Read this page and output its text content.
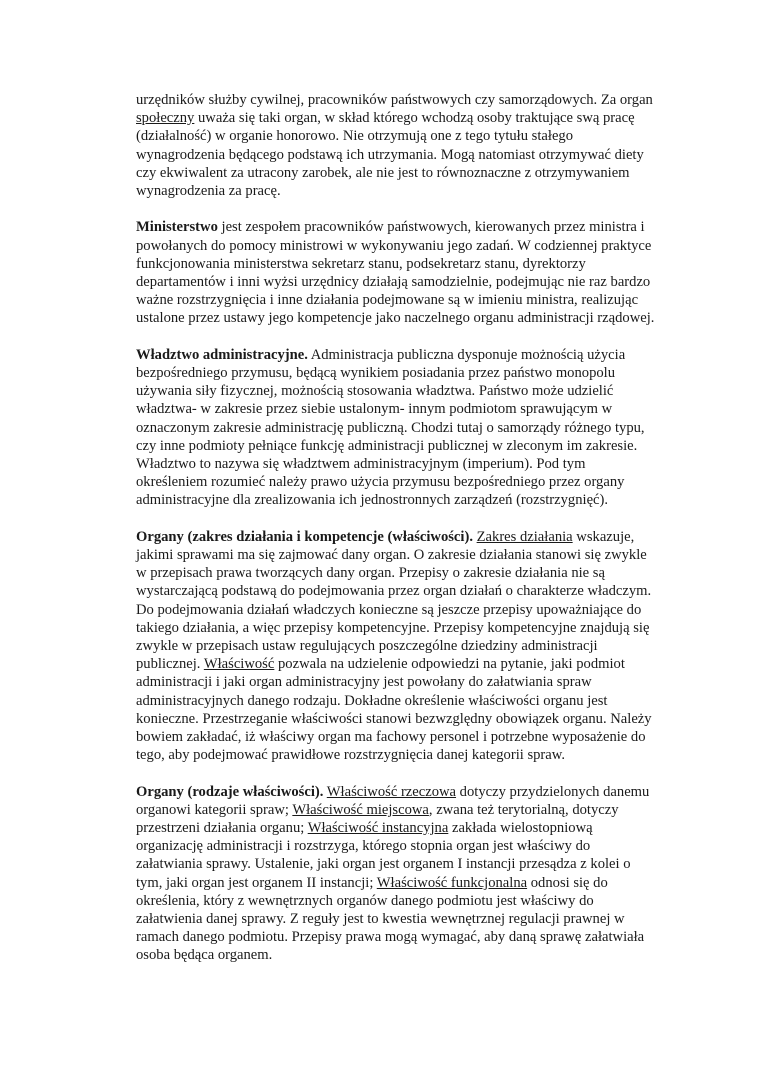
urzędników służby cywilnej, pracowników państwowych czy samorządowych. Za organ społeczny uważa się taki organ, w skład którego wchodzą osoby traktujące swą pracę (działalność) w organie honorowo. Nie otrzymują one z tego tytułu stałego wynagrodzenia będącego podstawą ich utrzymania. Mogą natomiast otrzymywać diety czy ekwiwalent za utracony zarobek, ale nie jest to równoznaczne z otrzymywaniem wynagrodzenia za pracę.

Ministerstwo jest zespołem pracowników państwowych, kierowanych przez ministra i powołanych do pomocy ministrowi w wykonywaniu jego zadań. W codziennej praktyce funkcjonowania ministerstwa sekretarz stanu, podsekretarz stanu, dyrektorzy departamentów i inni wyżsi urzędnicy działają samodzielnie, podejmując nie raz bardzo ważne rozstrzygnięcia i inne działania podejmowane są w imieniu ministra, realizując ustalone przez ustawy jego kompetencje jako naczelnego organu administracji rządowej.

Władztwo administracyjne. Administracja publiczna dysponuje możnością użycia bezpośredniego przymusu, będącą wynikiem posiadania przez państwo monopolu używania siły fizycznej, możnością stosowania władztwa. Państwo może udzielić władztwa- w zakresie przez siebie ustalonym- innym podmiotom sprawującym w oznaczonym zakresie administrację publiczną. Chodzi tutaj o samorządy różnego typu, czy inne podmioty pełniące funkcję administracji publicznej w zleconym im zakresie. Władztwo to nazywa się władztwem administracyjnym (imperium). Pod tym określeniem rozumieć należy prawo użycia przymusu bezpośredniego przez organy administracyjne dla zrealizowania ich jednostronnych zarządzeń (rozstrzygnięć).

Organy (zakres działania i kompetencje (właściwości). Zakres działania wskazuje, jakimi sprawami ma się zajmować dany organ. O zakresie działania stanowi się zwykle w przepisach prawa tworzących dany organ. Przepisy o zakresie działania nie są wystarczającą podstawą do podejmowania przez organ działań o charakterze władczym. Do podejmowania działań władczych konieczne są jeszcze przepisy upoważniające do takiego działania, a więc przepisy kompetencyjne. Przepisy kompetencyjne znajdują się zwykle w przepisach ustaw regulujących poszczególne dziedziny administracji publicznej. Właściwość pozwala na udzielenie odpowiedzi na pytanie, jaki podmiot administracji i jaki organ administracyjny jest powołany do załatwiania spraw administracyjnych danego rodzaju. Dokładne określenie właściwości organu jest konieczne. Przestrzeganie właściwości stanowi bezwzględny obowiązek organu. Należy bowiem zakładać, iż właściwy organ ma fachowy personel i potrzebne wyposażenie do tego, aby podejmować prawidłowe rozstrzygnięcia danej kategorii spraw.

Organy (rodzaje właściwości). Właściwość rzeczowa dotyczy przydzielonych danemu organowi kategorii spraw; Właściwość miejscowa, zwana też terytorialną, dotyczy przestrzeni działania organu; Właściwość instancyjna zakłada wielostopniową organizację administracji i rozstrzyga, którego stopnia organ jest właściwy do załatwiania sprawy. Ustalenie, jaki organ jest organem I instancji przesądza z kolei o tym, jaki organ jest organem II instancji; Właściwość funkcjonalna odnosi się do określenia, który z wewnętrznych organów danego podmiotu jest właściwy do załatwienia danej sprawy. Z reguły jest to kwestia wewnętrznej regulacji prawnej w ramach danego podmiotu. Przepisy prawa mogą wymagać, aby daną sprawę załatwiała osoba będąca organem.
